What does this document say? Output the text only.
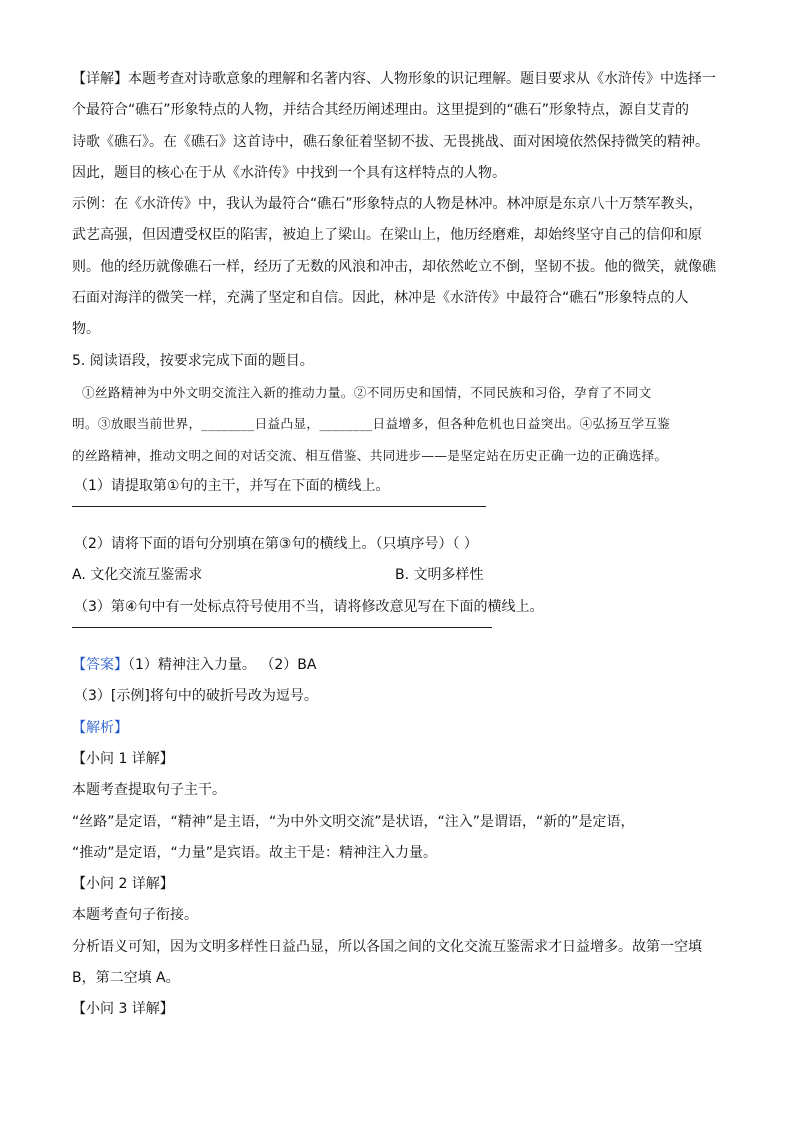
【详解】本题考查对诗歌意象的理解和名著内容、人物形象的识记理解。题目要求从《水浒传》中选择一
个最符合“礁石”形象特点的人物，并结合其经历阐述理由。这里提到的“礁石”形象特点，源自艾青的
诗歌《礁石》。在《礁石》这首诗中，礁石象征着坚韧不拔、无畏挑战、面对困境依然保持微笑的精神。
因此，题目的核心在于从《水浒传》中找到一个具有这样特点的人物。
示例：在《水浒传》中，我认为最符合“礁石”形象特点的人物是林冲。林冲原是东京八十万禁军教头，
武艺高强，但因遭受权臣的陷害，被迫上了梁山。在梁山上，他历经磨难，却始终坚守自己的信仰和原
则。他的经历就像礁石一样，经历了无数的风浪和冲击，却依然屹立不倒，坚韧不拔。他的微笑，就像礁
石面对海洋的微笑一样，充满了坚定和自信。因此，林冲是《水浒传》中最符合“礁石”形象特点的人
物。
5. 阅读语段，按要求完成下面的题目。
①丝路精神为中外文明交流注入新的推动力量。②不同历史和国情，不同民族和习俗，孕育了不同文
明。③放眼当前世界，________日益凸显，________日益增多，但各种危机也日益突出。④弘扬互学互鉴
的丝路精神，推动文明之间的对话交流、相互借鉴、共同进步——是坚定站在历史正确一边的正确选择。
（1）请提取第①句的主干，并写在下面的横线上。
（2）请将下面的语句分别填在第③句的横线上。（只填序号）（ ）
A. 文化交流互鉴需求	B. 文明多样性
（3）第④句中有一处标点符号使用不当，请将修改意见写在下面的横线上。
【答案】（1）精神注入力量。 （2）BA
（3）[示例]将句中的破折号改为逗号。
【解析】
【小问 1 详解】
本题考查提取句子主干。
“丝路”是定语，“精神”是主语，“为中外文明交流”是状语，“注入”是谓语，“新的”是定语，
“推动”是定语，“力量”是宾语。故主干是：精神注入力量。
【小问 2 详解】
本题考查句子衔接。
分析语义可知，因为文明多样性日益凸显，所以各国之间的文化交流互鉴需求才日益增多。故第一空填
B，第二空填 A。
【小问 3 详解】
